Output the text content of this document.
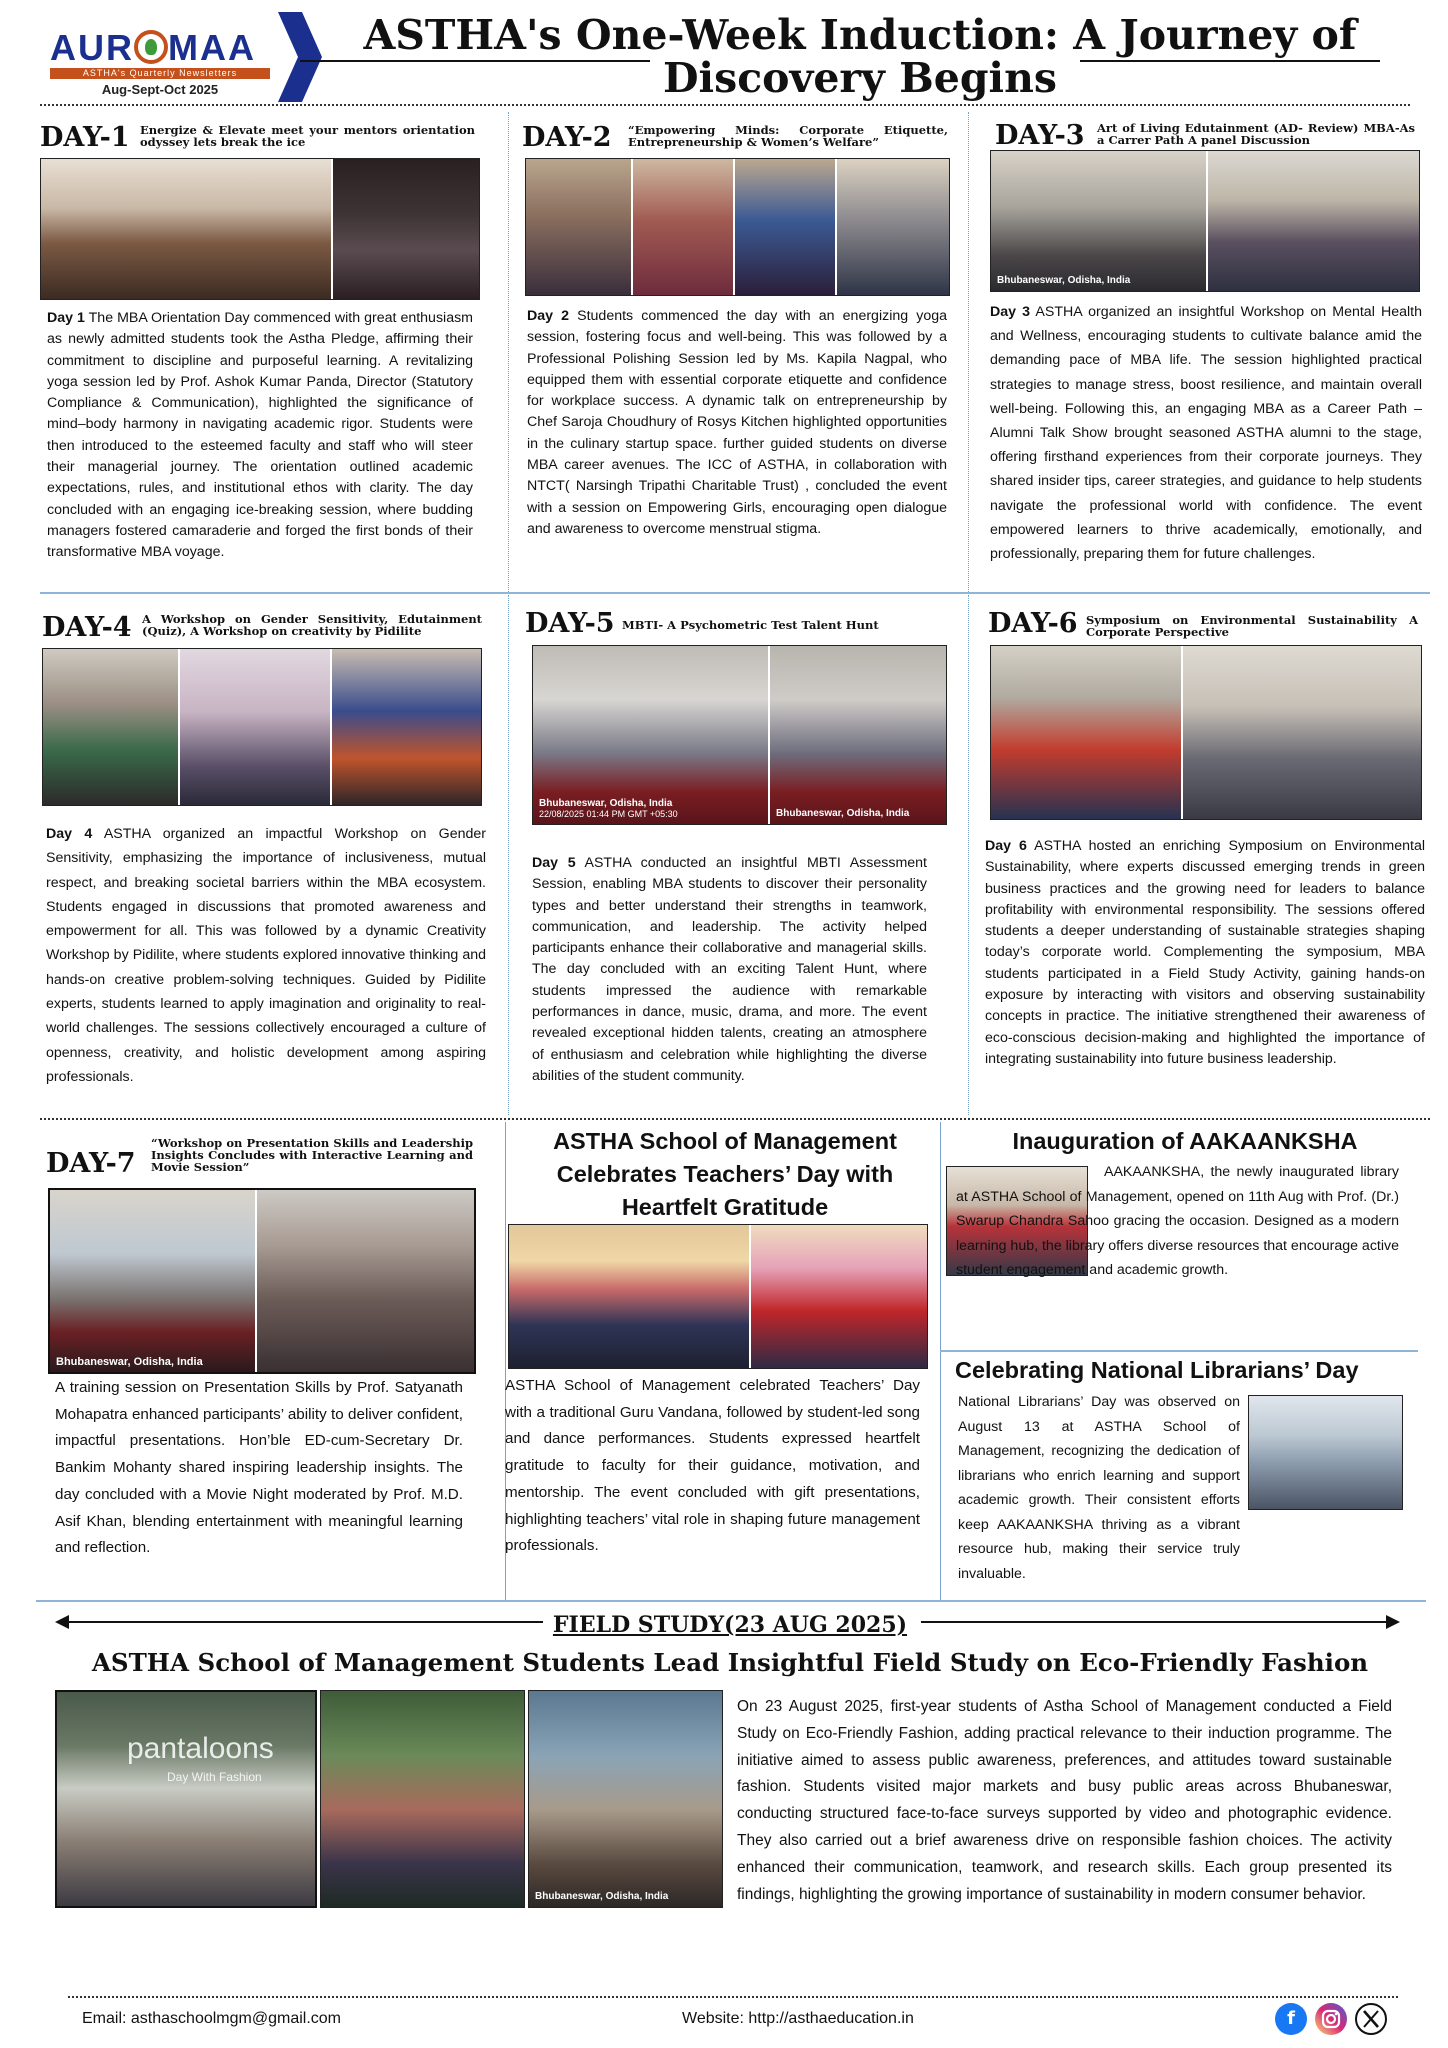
AUR MAA
ASTHA's Quarterly Newsletters
Aug-Sept-Oct 2025
ASTHA's One-Week Induction: A Journey of
Discovery Begins
DAY-1 Energize & Elevate meet your mentors orientation odyssey lets break the ice
Day 1 The MBA Orientation Day commenced with great enthusiasm as newly admitted students took the Astha Pledge, affirming their commitment to discipline and purposeful learning. A revitalizing yoga session led by Prof. Ashok Kumar Panda, Director (Statutory Compliance & Communication), highlighted the significance of mind–body harmony in navigating academic rigor. Students were then introduced to the esteemed faculty and staff who will steer their managerial journey. The orientation outlined academic expectations, rules, and institutional ethos with clarity. The day concluded with an engaging ice-breaking session, where budding managers fostered camaraderie and forged the first bonds of their transformative MBA voyage.
DAY-2 “Empowering Minds: Corporate Etiquette, Entrepreneurship & Women’s Welfare”
Day 2 Students commenced the day with an energizing yoga session, fostering focus and well-being. This was followed by a Professional Polishing Session led by Ms. Kapila Nagpal, who equipped them with essential corporate etiquette and confidence for workplace success. A dynamic talk on entrepreneurship by Chef Saroja Choudhury of Rosys Kitchen highlighted opportunities in the culinary startup space. further guided students on diverse MBA career avenues. The ICC of ASTHA, in collaboration with NTCT( Narsingh Tripathi Charitable Trust) , concluded the event with a session on Empowering Girls, encouraging open dialogue and awareness to overcome menstrual stigma.
DAY-3 Art of Living Edutainment (AD- Review) MBA-As a Carrer Path A panel Discussion
Bhubaneswar, Odisha, India
Day 3 ASTHA organized an insightful Workshop on Mental Health and Wellness, encouraging students to cultivate balance amid the demanding pace of MBA life. The session highlighted practical strategies to manage stress, boost resilience, and maintain overall well-being. Following this, an engaging MBA as a Career Path – Alumni Talk Show brought seasoned ASTHA alumni to the stage, offering firsthand experiences from their corporate journeys. They shared insider tips, career strategies, and guidance to help students navigate the professional world with confidence. The event empowered learners to thrive academically, emotionally, and professionally, preparing them for future challenges.
DAY-4 A Workshop on Gender Sensitivity, Edutainment (Quiz), A Workshop on creativity by Pidilite
Day 4 ASTHA organized an impactful Workshop on Gender Sensitivity, emphasizing the importance of inclusiveness, mutual respect, and breaking societal barriers within the MBA ecosystem. Students engaged in discussions that promoted awareness and empowerment for all. This was followed by a dynamic Creativity Workshop by Pidilite, where students explored innovative thinking and hands-on creative problem-solving techniques. Guided by Pidilite experts, students learned to apply imagination and originality to real-world challenges. The sessions collectively encouraged a culture of openness, creativity, and holistic development among aspiring professionals.
DAY-5 MBTI- A Psychometric Test Talent Hunt
Bhubaneswar, Odisha, India
22/08/2025 01:44 PM GMT +05:30	Bhubaneswar, Odisha, India
Day 5 ASTHA conducted an insightful MBTI Assessment Session, enabling MBA students to discover their personality types and better understand their strengths in teamwork, communication, and leadership. The activity helped participants enhance their collaborative and managerial skills. The day concluded with an exciting Talent Hunt, where students impressed the audience with remarkable performances in dance, music, drama, and more. The event revealed exceptional hidden talents, creating an atmosphere of enthusiasm and celebration while highlighting the diverse abilities of the student community.
DAY-6 Symposium on Environmental Sustainability A Corporate Perspective
Day 6 ASTHA hosted an enriching Symposium on Environmental Sustainability, where experts discussed emerging trends in green business practices and the growing need for leaders to balance profitability with environmental responsibility. The sessions offered students a deeper understanding of sustainable strategies shaping today’s corporate world. Complementing the symposium, MBA students participated in a Field Study Activity, gaining hands-on exposure by interacting with visitors and observing sustainability concepts in practice. The initiative strengthened their awareness of eco-conscious decision-making and highlighted the importance of integrating sustainability into future business leadership.
DAY-7
“Workshop on Presentation Skills and Leadership Insights Concludes with Interactive Learning and Movie Session”
Bhubaneswar, Odisha, India
A training session on Presentation Skills by Prof. Satyanath Mohapatra enhanced participants’ ability to deliver confident, impactful presentations. Hon’ble ED-cum-Secretary Dr. Bankim Mohanty shared inspiring leadership insights. The day concluded with a Movie Night moderated by Prof. M.D. Asif Khan, blending entertainment with meaningful learning and reflection.
ASTHA School of Management Celebrates Teachers’ Day with Heartfelt Gratitude
ASTHA School of Management celebrated Teachers’ Day with a traditional Guru Vandana, followed by student-led song and dance performances. Students expressed heartfelt gratitude to faculty for their guidance, motivation, and mentorship. The event concluded with gift presentations, highlighting teachers’ vital role in shaping future management professionals.
Inauguration of AAKAANKSHA
AAKAANKSHA, the newly inaugurated library at ASTHA School of Management, opened on 11th Aug with Prof. (Dr.) Swarup Chandra Sahoo gracing the occasion. Designed as a modern learning hub, the library offers diverse resources that encourage active student engagement and academic growth.
Celebrating National Librarians’ Day
National Librarians’ Day was observed on August 13 at ASTHA School of Management, recognizing the dedication of librarians who enrich learning and support academic growth. Their consistent efforts keep AAKAANKSHA thriving as a vibrant resource hub, making their service truly invaluable.
FIELD STUDY(23 AUG 2025)
ASTHA School of Management Students Lead Insightful Field Study on Eco-Friendly Fashion
pantaloons
Day With Fashion
Bhubaneswar, Odisha, India
On 23 August 2025, first-year students of Astha School of Management conducted a Field Study on Eco-Friendly Fashion, adding practical relevance to their induction programme. The initiative aimed to assess public awareness, preferences, and attitudes toward sustainable fashion. Students visited major markets and busy public areas across Bhubaneswar, conducting structured face-to-face surveys supported by video and photographic evidence. They also carried out a brief awareness drive on responsible fashion choices. The activity enhanced their communication, teamwork, and research skills. Each group presented its findings, highlighting the growing importance of sustainability in modern consumer behavior.
Email: asthaschoolmgm@gmail.com	Website: http://asthaeducation.in	f
